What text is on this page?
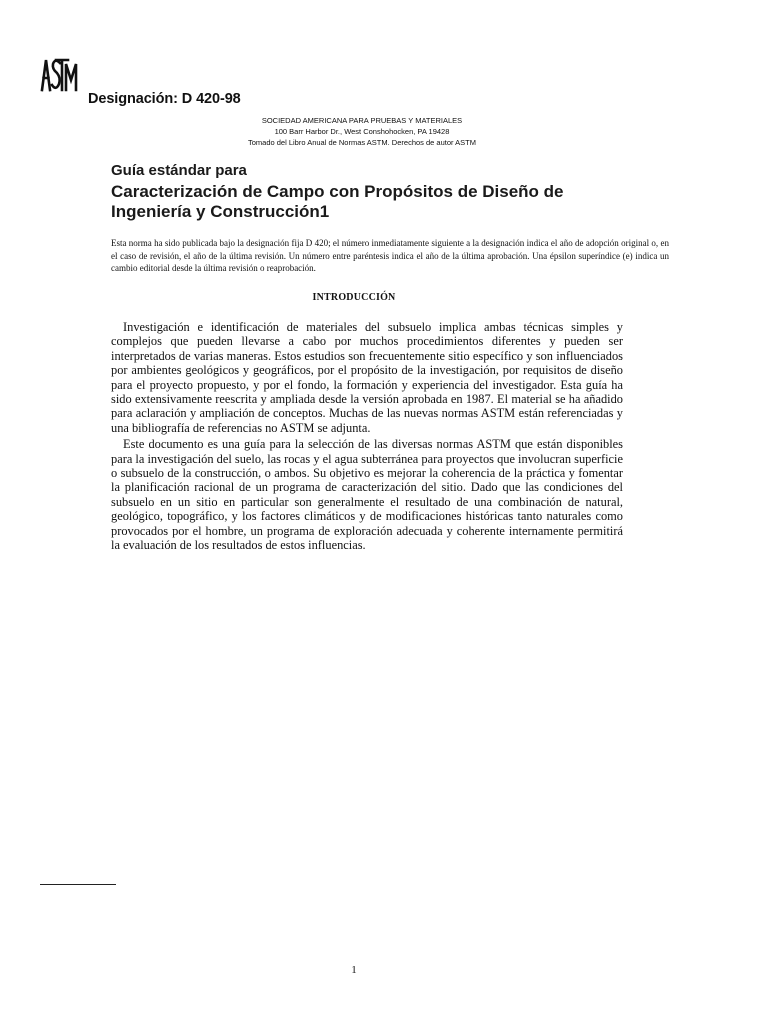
Designación: D 420-98
SOCIEDAD AMERICANA PARA PRUEBAS Y MATERIALES
100 Barr Harbor Dr., West Conshohocken, PA 19428
Tomado del Libro Anual de Normas ASTM. Derechos de autor ASTM
Guía estándar para
Caracterización de Campo con Propósitos de Diseño de
Ingeniería y Construcción1
Esta norma ha sido publicada bajo la designación fija D 420; el número inmediatamente siguiente a la designación indica el año de adopción original o, en el caso de revisión, el año de la última revisión. Un número entre paréntesis indica el año de la última aprobación. Una épsilon superíndice (e) indica un cambio editorial desde la última revisión o reaprobación.
INTRODUCCIÓN

Investigación e identificación de materiales del subsuelo implica ambas técnicas simples y complejos que pueden llevarse a cabo por muchos procedimientos diferentes y pueden ser interpretados de varias maneras. Estos estudios son frecuentemente sitio específico y son influenciados por ambientes geológicos y geográficos, por el propósito de la investigación, por requisitos de diseño para el proyecto propuesto, y por el fondo, la formación y experiencia del investigador. Esta guía ha sido extensivamente reescrita y ampliada desde la versión aprobada en 1987. El material se ha añadido para aclaración y ampliación de conceptos. Muchas de las nuevas normas ASTM están referenciadas y una bibliografía de referencias no ASTM se adjunta.

Este documento es una guía para la selección de las diversas normas ASTM que están disponibles para la investigación del suelo, las rocas y el agua subterránea para proyectos que involucran superficie o subsuelo de la construcción, o ambos. Su objetivo es mejorar la coherencia de la práctica y fomentar la planificación racional de un programa de caracterización del sitio. Dado que las condiciones del subsuelo en un sitio en particular son generalmente el resultado de una combinación de natural, geológico, topográfico, y los factores climáticos y de modificaciones históricas tanto naturales como provocados por el hombre, un programa de exploración adecuada y coherente internamente permitirá la evaluación de los resultados de estos influencias.

1
